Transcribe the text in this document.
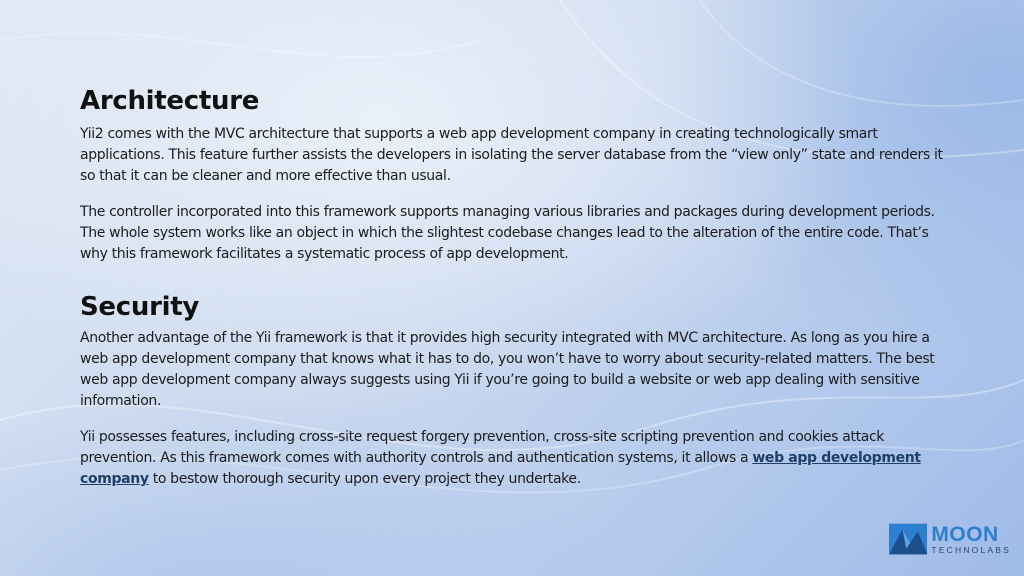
Architecture

Yii2 comes with the MVC architecture that supports a web app development company in creating technologically smart applications. This feature further assists the developers in isolating the server database from the “view only” state and renders it so that it can be cleaner and more effective than usual.

The controller incorporated into this framework supports managing various libraries and packages during development periods. The whole system works like an object in which the slightest codebase changes lead to the alteration of the entire code. That’s why this framework facilitates a systematic process of app development.

Security

Another advantage of the Yii framework is that it provides high security integrated with MVC architecture. As long as you hire a web app development company that knows what it has to do, you won’t have to worry about security-related matters. The best web app development company always suggests using Yii if you’re going to build a website or web app dealing with sensitive information.

Yii possesses features, including cross-site request forgery prevention, cross-site scripting prevention and cookies attack prevention. As this framework comes with authority controls and authentication systems, it allows a web app development company to bestow thorough security upon every project they undertake.

MOON
TECHNOLABS
